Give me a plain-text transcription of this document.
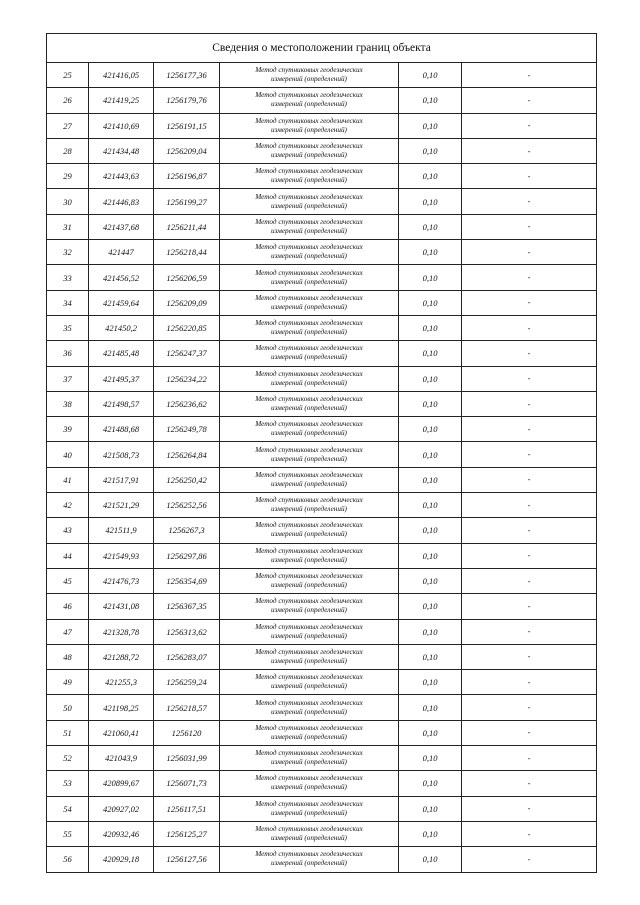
Сведения о местоположении границ объекта					
25	421416,05	1256177,36	Метод спутниковых геодезических
измерений (определений)	0,10	-
26	421419,25	1256179,76	Метод спутниковых геодезических
измерений (определений)	0,10	-
27	421410,69	1256191,15	Метод спутниковых геодезических
измерений (определений)	0,10	-
28	421434,48	1256209,04	Метод спутниковых геодезических
измерений (определений)	0,10	-
29	421443,63	1256196,87	Метод спутниковых геодезических
измерений (определений)	0,10	-
30	421446,83	1256199,27	Метод спутниковых геодезических
измерений (определений)	0,10	-
31	421437,68	1256211,44	Метод спутниковых геодезических
измерений (определений)	0,10	-
32	421447	1256218,44	Метод спутниковых геодезических
измерений (определений)	0,10	-
33	421456,52	1256206,59	Метод спутниковых геодезических
измерений (определений)	0,10	-
34	421459,64	1256209,09	Метод спутниковых геодезических
измерений (определений)	0,10	-
35	421450,2	1256220,85	Метод спутниковых геодезических
измерений (определений)	0,10	-
36	421485,48	1256247,37	Метод спутниковых геодезических
измерений (определений)	0,10	-
37	421495,37	1256234,22	Метод спутниковых геодезических
измерений (определений)	0,10	-
38	421498,57	1256236,62	Метод спутниковых геодезических
измерений (определений)	0,10	-
39	421488,68	1256249,78	Метод спутниковых геодезических
измерений (определений)	0,10	-
40	421508,73	1256264,84	Метод спутниковых геодезических
измерений (определений)	0,10	-
41	421517,91	1256250,42	Метод спутниковых геодезических
измерений (определений)	0,10	-
42	421521,29	1256252,56	Метод спутниковых геодезических
измерений (определений)	0,10	-
43	421511,9	1256267,3	Метод спутниковых геодезических
измерений (определений)	0,10	-
44	421549,93	1256297,86	Метод спутниковых геодезических
измерений (определений)	0,10	-
45	421476,73	1256354,69	Метод спутниковых геодезических
измерений (определений)	0,10	-
46	421431,08	1256367,35	Метод спутниковых геодезических
измерений (определений)	0,10	-
47	421328,78	1256313,62	Метод спутниковых геодезических
измерений (определений)	0,10	-
48	421288,72	1256283,07	Метод спутниковых геодезических
измерений (определений)	0,10	-
49	421255,3	1256259,24	Метод спутниковых геодезических
измерений (определений)	0,10	-
50	421198,25	1256218,57	Метод спутниковых геодезических
измерений (определений)	0,10	-
51	421060,41	1256120	Метод спутниковых геодезических
измерений (определений)	0,10	-
52	421043,9	1256031,99	Метод спутниковых геодезических
измерений (определений)	0,10	-
53	420899,67	1256071,73	Метод спутниковых геодезических
измерений (определений)	0,10	-
54	420927,02	1256117,51	Метод спутниковых геодезических
измерений (определений)	0,10	-
55	420932,46	1256125,27	Метод спутниковых геодезических
измерений (определений)	0,10	-
56	420929,18	1256127,56	Метод спутниковых геодезических
измерений (определений)	0,10	-
